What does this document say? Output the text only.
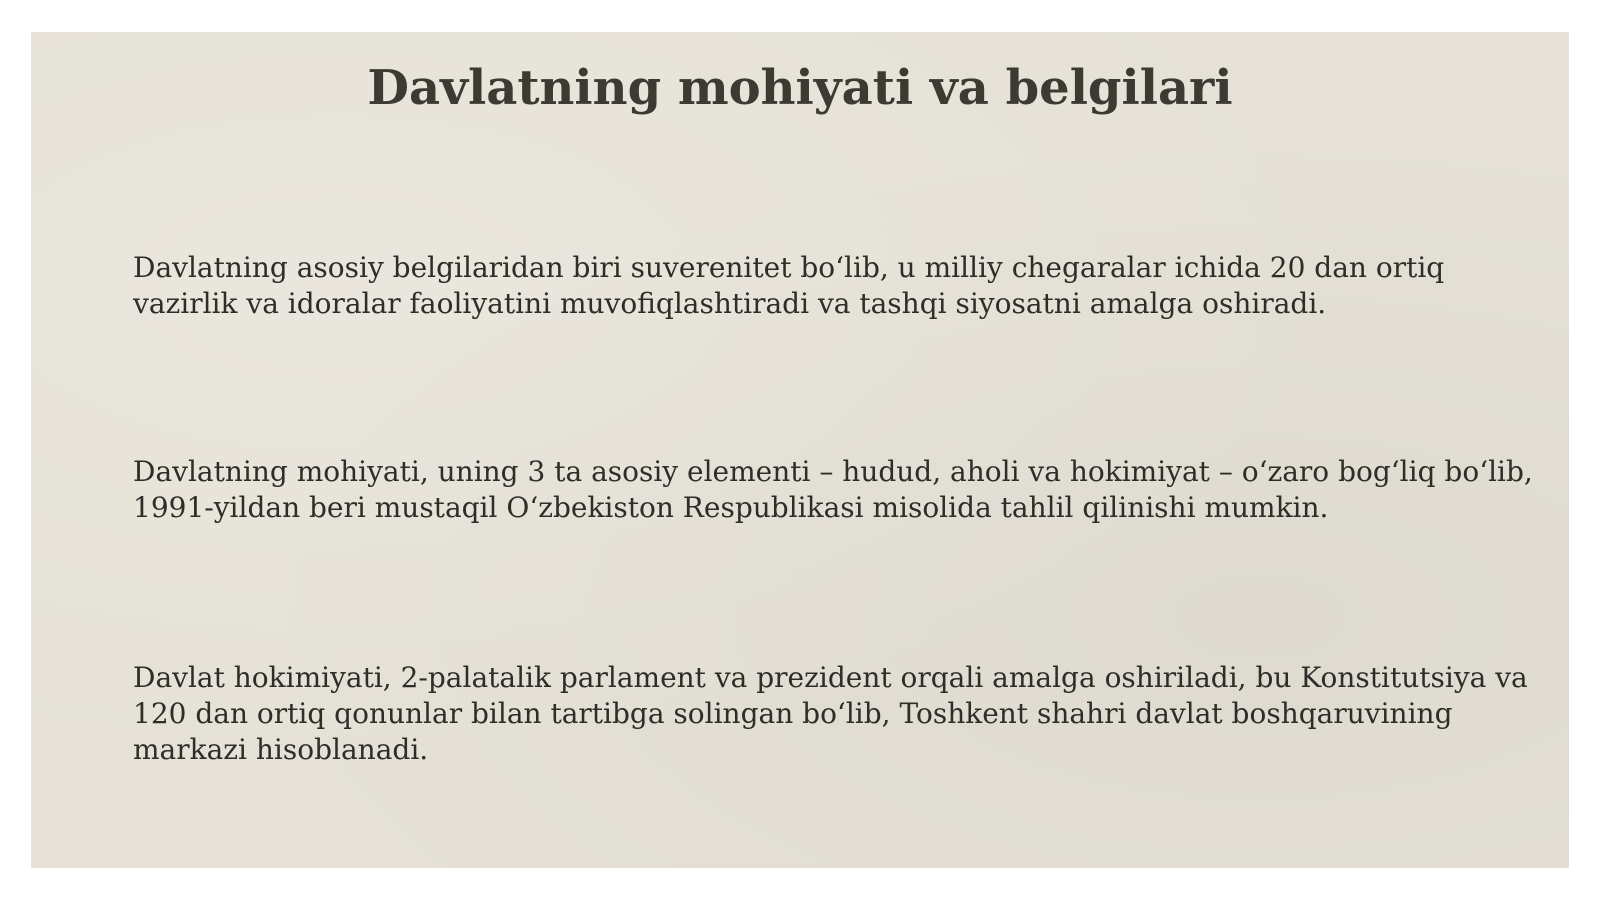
Davlatning mohiyati va belgilari

Davlatning asosiy belgilaridan biri suverenitet boʻlib, u milliy chegaralar ichida 20 dan ortiq vazirlik va idoralar faoliyatini muvofiqlashtiradi va tashqi siyosatni amalga oshiradi.

Davlatning mohiyati, uning 3 ta asosiy elementi – hudud, aholi va hokimiyat – oʻzaro bogʻliq boʻlib, 1991-yildan beri mustaqil Oʻzbekiston Respublikasi misolida tahlil qilinishi mumkin.

Davlat hokimiyati, 2-palatalik parlament va prezident orqali amalga oshiriladi, bu Konstitutsiya va 120 dan ortiq qonunlar bilan tartibga solingan boʻlib, Toshkent shahri davlat boshqaruvining markazi hisoblanadi.
